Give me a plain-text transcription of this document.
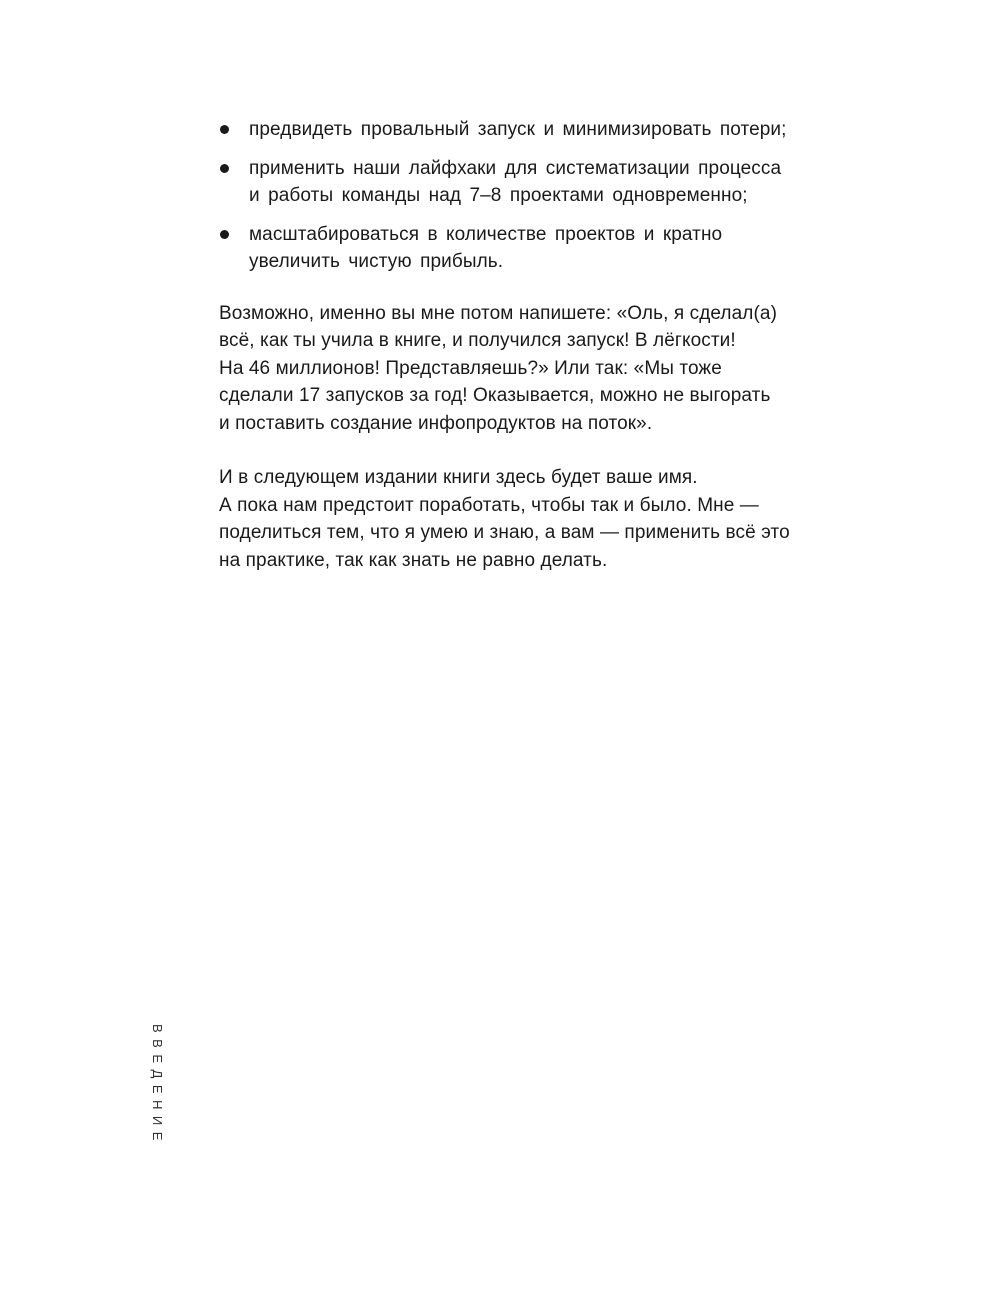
предвидеть провальный запуск и минимизировать потери;
применить наши лайфхаки для систематизации процесса
и работы команды над 7–8 проектами одновременно;
масштабироваться в количестве проектов и кратно
увеличить чистую прибыль.

Возможно, именно вы мне потом напишете: «Оль, я сделал(а)
всё, как ты учила в книге, и получился запуск! В лёгкости!
На 46 миллионов! Представляешь?» Или так: «Мы тоже
сделали 17 запусков за год! Оказывается, можно не выгорать
и поставить создание инфопродуктов на поток».

И в следующем издании книги здесь будет ваше имя.
А пока нам предстоит поработать, чтобы так и было. Мне —
поделиться тем, что я умею и знаю, а вам — применить всё это
на практике, так как знать не равно делать.

ВВЕДЕНИЕ
